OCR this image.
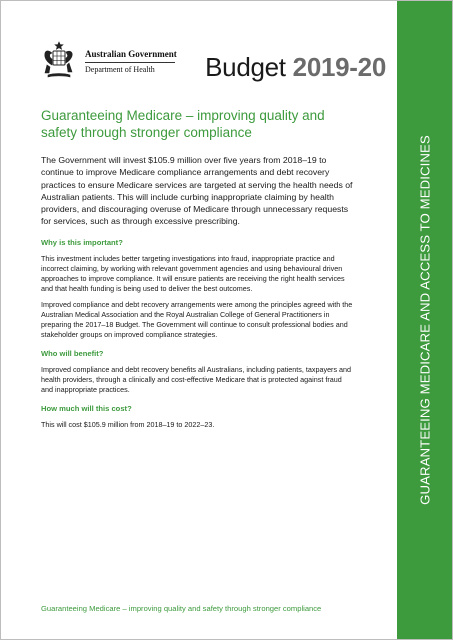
Australian Government
Department of Health	Budget 2019-20
Guaranteeing Medicare – improving quality and safety through stronger compliance

The Government will invest $105.9 million over five years from 2018–19 to continue to improve Medicare compliance arrangements and debt recovery practices to ensure Medicare services are targeted at serving the health needs of Australian patients. This will include curbing inappropriate claiming by health providers, and discouraging overuse of Medicare through unnecessary requests for services, such as through excessive prescribing.

Why is this important?

This investment includes better targeting investigations into fraud, inappropriate practice and incorrect claiming, by working with relevant government agencies and using behavioural driven approaches to improve compliance. It will ensure patients are receiving the right health services and that health funding is being used to deliver the best outcomes.

Improved compliance and debt recovery arrangements were among the principles agreed with the Australian Medical Association and the Royal Australian College of General Practitioners in preparing the 2017–18 Budget. The Government will continue to consult professional bodies and stakeholder groups on improved compliance strategies.

Who will benefit?

Improved compliance and debt recovery benefits all Australians, including patients, taxpayers and health providers, through a clinically and cost-effective Medicare that is protected against fraud and inappropriate practices.

How much will this cost?

This will cost $105.9 million from 2018–19 to 2022–23.

Guaranteeing Medicare – improving quality and safety through stronger compliance
GUARANTEEING MEDICARE AND ACCESS TO MEDICINES
